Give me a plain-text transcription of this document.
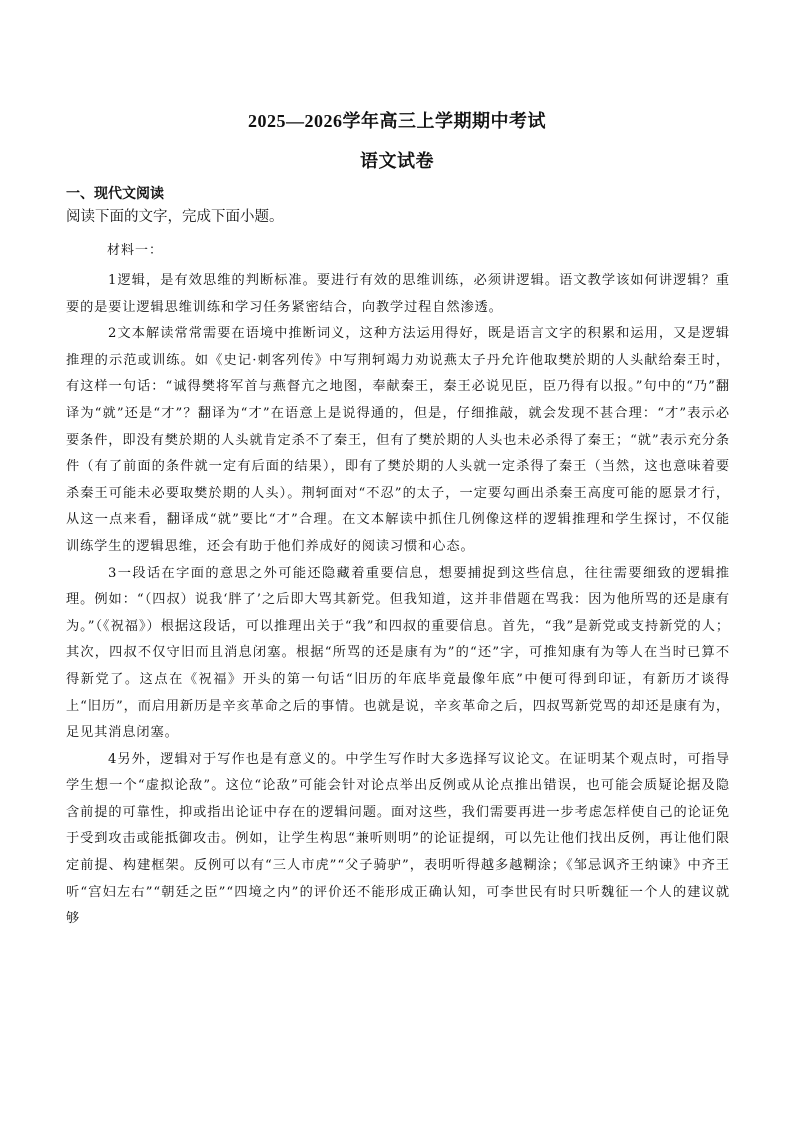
2025—2026学年高三上学期期中考试
语文试卷
一、现代文阅读
阅读下面的文字，完成下面小题。
材料一：

1逻辑，是有效思维的判断标准。要进行有效的思维训练，必须讲逻辑。语文教学该如何讲逻辑？重要的是要让逻辑思维训练和学习任务紧密结合，向教学过程自然渗透。

2文本解读常常需要在语境中推断词义，这种方法运用得好，既是语言文字的积累和运用，又是逻辑推理的示范或训练。如《史记·刺客列传》中写荆轲竭力劝说燕太子丹允许他取樊於期的人头献给秦王时，有这样一句话：“诚得樊将军首与燕督亢之地图，奉献秦王，秦王必说见臣，臣乃得有以报。”句中的“乃”翻译为“就”还是“才”？翻译为“才”在语意上是说得通的，但是，仔细推敲，就会发现不甚合理：“才”表示必要条件，即没有樊於期的人头就肯定杀不了秦王，但有了樊於期的人头也未必杀得了秦王；“就”表示充分条件（有了前面的条件就一定有后面的结果），即有了樊於期的人头就一定杀得了秦王（当然，这也意味着要杀秦王可能未必要取樊於期的人头）。荆轲面对“不忍”的太子，一定要勾画出杀秦王高度可能的愿景才行，从这一点来看，翻译成“就”要比“才”合理。在文本解读中抓住几例像这样的逻辑推理和学生探讨，不仅能训练学生的逻辑思维，还会有助于他们养成好的阅读习惯和心态。

3一段话在字面的意思之外可能还隐藏着重要信息，想要捕捉到这些信息，往往需要细致的逻辑推理。例如：“（四叔）说我‘胖了’之后即大骂其新党。但我知道，这并非借题在骂我：因为他所骂的还是康有为。”（《祝福》）根据这段话，可以推理出关于“我”和四叔的重要信息。首先，“我”是新党或支持新党的人；其次，四叔不仅守旧而且消息闭塞。根据“所骂的还是康有为”的“还”字，可推知康有为等人在当时已算不得新党了。这点在《祝福》开头的第一句话“旧历的年底毕竟最像年底”中便可得到印证，有新历才谈得上“旧历”，而启用新历是辛亥革命之后的事情。也就是说，辛亥革命之后，四叔骂新党骂的却还是康有为，足见其消息闭塞。

4另外，逻辑对于写作也是有意义的。中学生写作时大多选择写议论文。在证明某个观点时，可指导学生想一个“虚拟论敌”。这位“论敌”可能会针对论点举出反例或从论点推出错误，也可能会质疑论据及隐含前提的可靠性，抑或指出论证中存在的逻辑问题。面对这些，我们需要再进一步考虑怎样使自己的论证免于受到攻击或能抵御攻击。例如，让学生构思“兼听则明”的论证提纲，可以先让他们找出反例，再让他们限定前提、构建框架。反例可以有“三人市虎”“父子骑驴”，表明听得越多越糊涂；《邹忌讽齐王纳谏》中齐王听“宫妇左右”“朝廷之臣”“四境之内”的评价还不能形成正确认知，可李世民有时只听魏征一个人的建议就够
